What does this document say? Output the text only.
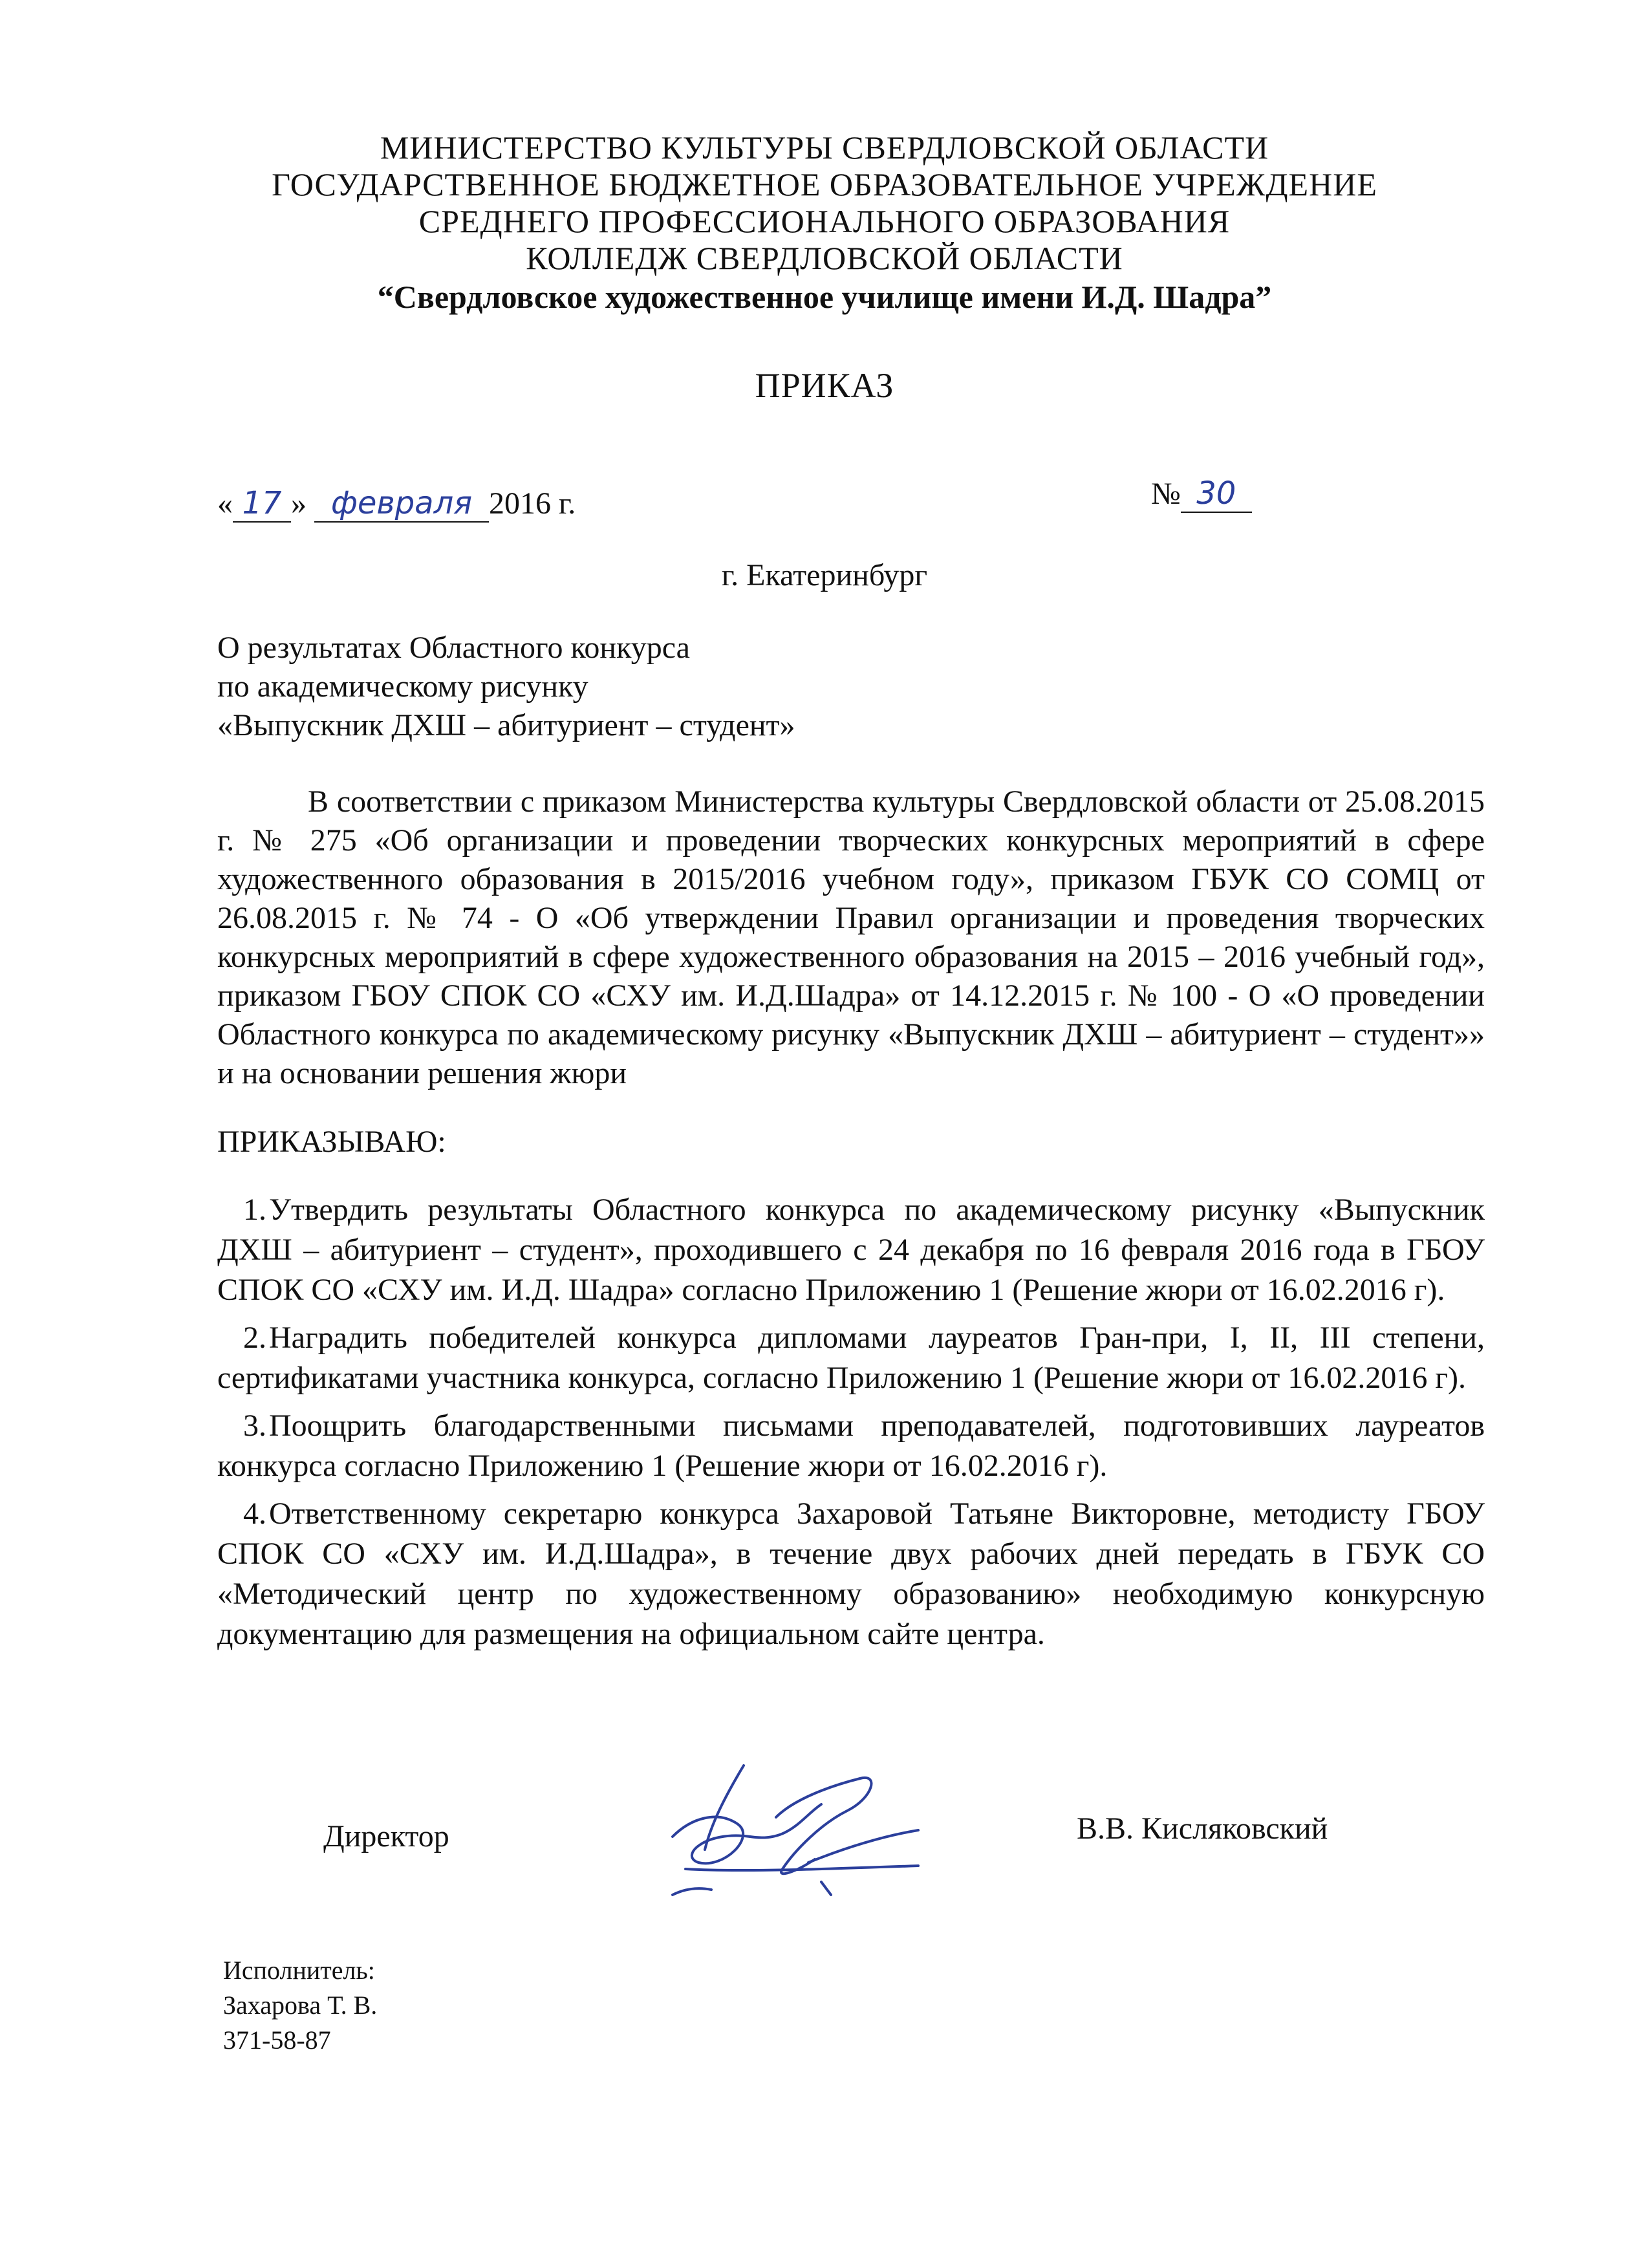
МИНИСТЕРСТВО КУЛЬТУРЫ СВЕРДЛОВСКОЙ ОБЛАСТИ
ГОСУДАРСТВЕННОЕ БЮДЖЕТНОЕ ОБРАЗОВАТЕЛЬНОЕ УЧРЕЖДЕНИЕ
СРЕДНЕГО ПРОФЕССИОНАЛЬНОГО ОБРАЗОВАНИЯ
КОЛЛЕДЖ СВЕРДЛОВСКОЙ ОБЛАСТИ
“Свердловское художественное училище имени И.Д. Шадра”
ПРИКАЗ
« 17 » февраля 2016 г.	№ 30
г. Екатеринбург
О результатах Областного конкурса
по академическому рисунку
«Выпускник ДХШ – абитуриент – студент»
В соответствии с приказом Министерства культуры Свердловской области от 25.08.2015 г. № 275 «Об организации и проведении творческих конкурсных мероприятий в сфере художественного образования в 2015/2016 учебном году», приказом ГБУК СО СОМЦ от 26.08.2015 г. № 74 - О «Об утверждении Правил организации и проведения творческих конкурсных мероприятий в сфере художественного образования на 2015 – 2016 учебный год», приказом ГБОУ СПОК СО «СХУ им. И.Д.Шадра» от 14.12.2015 г. № 100 - О «О проведении Областного конкурса по академическому рисунку «Выпускник ДХШ – абитуриент – студент»» и на основании решения жюри
ПРИКАЗЫВАЮ:
1.Утвердить результаты Областного конкурса по академическому рисунку «Выпускник ДХШ – абитуриент – студент», проходившего с 24 декабря по 16 февраля 2016 года в ГБОУ СПОК СО «СХУ им. И.Д. Шадра» согласно Приложению 1 (Решение жюри от 16.02.2016 г).
2.Наградить победителей конкурса дипломами лауреатов Гран-при, I, II, III степени, сертификатами участника конкурса, согласно Приложению 1 (Решение жюри от 16.02.2016 г).
3.Поощрить благодарственными письмами преподавателей, подготовивших лауреатов конкурса согласно Приложению 1 (Решение жюри от 16.02.2016 г).
4.Ответственному секретарю конкурса Захаровой Татьяне Викторовне, методисту ГБОУ СПОК СО «СХУ им. И.Д.Шадра», в течение двух рабочих дней передать в ГБУК СО «Методический центр по художественному образованию» необходимую конкурсную документацию для размещения на официальном сайте центра.
Директор	В.В. Кисляковский
Исполнитель:
Захарова Т. В.
371-58-87
